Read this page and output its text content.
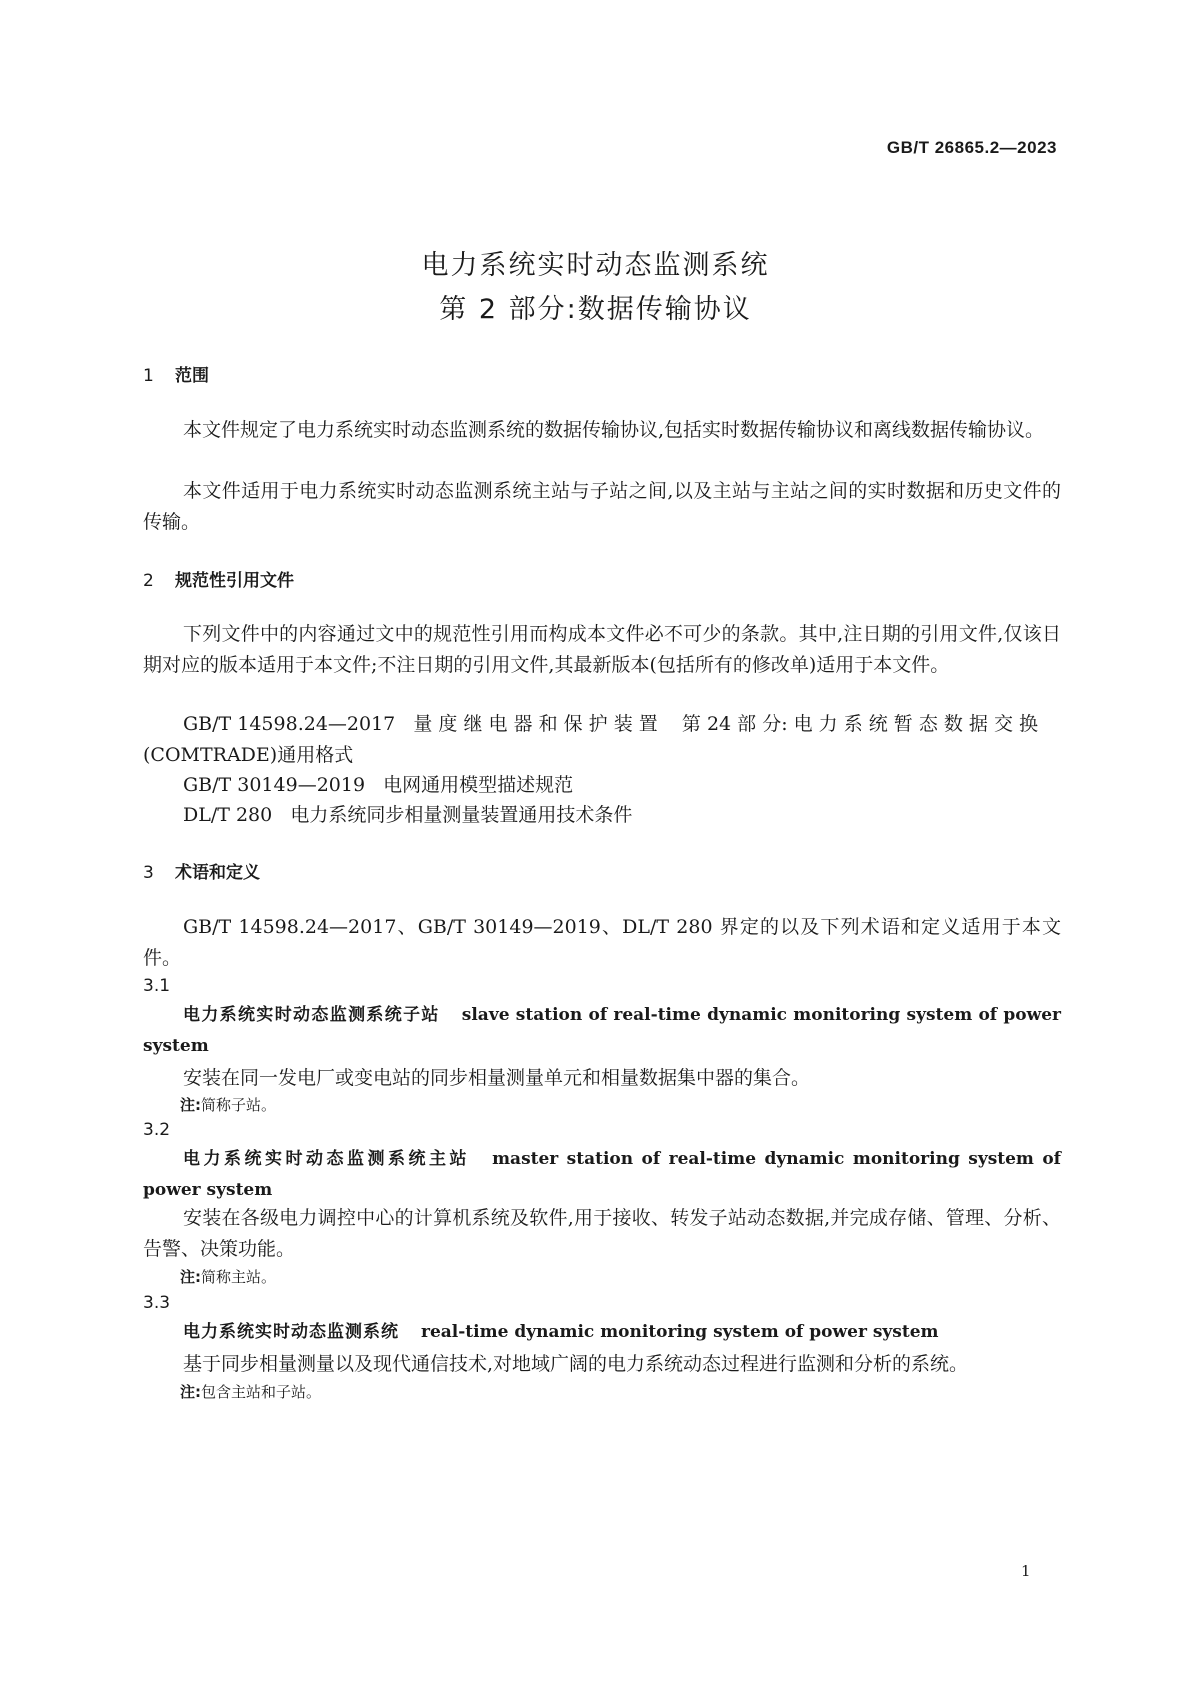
GB/T 26865.2—2023
电力系统实时动态监测系统
第 2 部分:数据传输协议
1 范围
本文件规定了电力系统实时动态监测系统的数据传输协议,包括实时数据传输协议和离线数据传输协议。
本文件适用于电力系统实时动态监测系统主站与子站之间,以及主站与主站之间的实时数据和历史文件的传输。
2 规范性引用文件
下列文件中的内容通过文中的规范性引用而构成本文件必不可少的条款。其中,注日期的引用文件,仅该日期对应的版本适用于本文件;不注日期的引用文件,其最新版本(包括所有的修改单)适用于本文件。
GB/T 14598.24—2017   量 度 继 电 器 和 保 护 装 置    第 24 部 分: 电 力 系 统 暂 态 数 据 交 换
(COMTRADE)通用格式
GB/T 30149—2019   电网通用模型描述规范
DL/T 280   电力系统同步相量测量装置通用技术条件
3 术语和定义
GB/T 14598.24—2017、GB/T 30149—2019、DL/T 280 界定的以及下列术语和定义适用于本文件。
3.1
电力系统实时动态监测系统子站 slave station of real-time dynamic monitoring system of power system
安装在同一发电厂或变电站的同步相量测量单元和相量数据集中器的集合。
注:简称子站。
3.2
电力系统实时动态监测系统主站 master station of real-time dynamic monitoring system of power system
安装在各级电力调控中心的计算机系统及软件,用于接收、转发子站动态数据,并完成存储、管理、分析、告警、决策功能。
注:简称主站。
3.3
电力系统实时动态监测系统 real-time dynamic monitoring system of power system
基于同步相量测量以及现代通信技术,对地域广阔的电力系统动态过程进行监测和分析的系统。
注:包含主站和子站。
1
